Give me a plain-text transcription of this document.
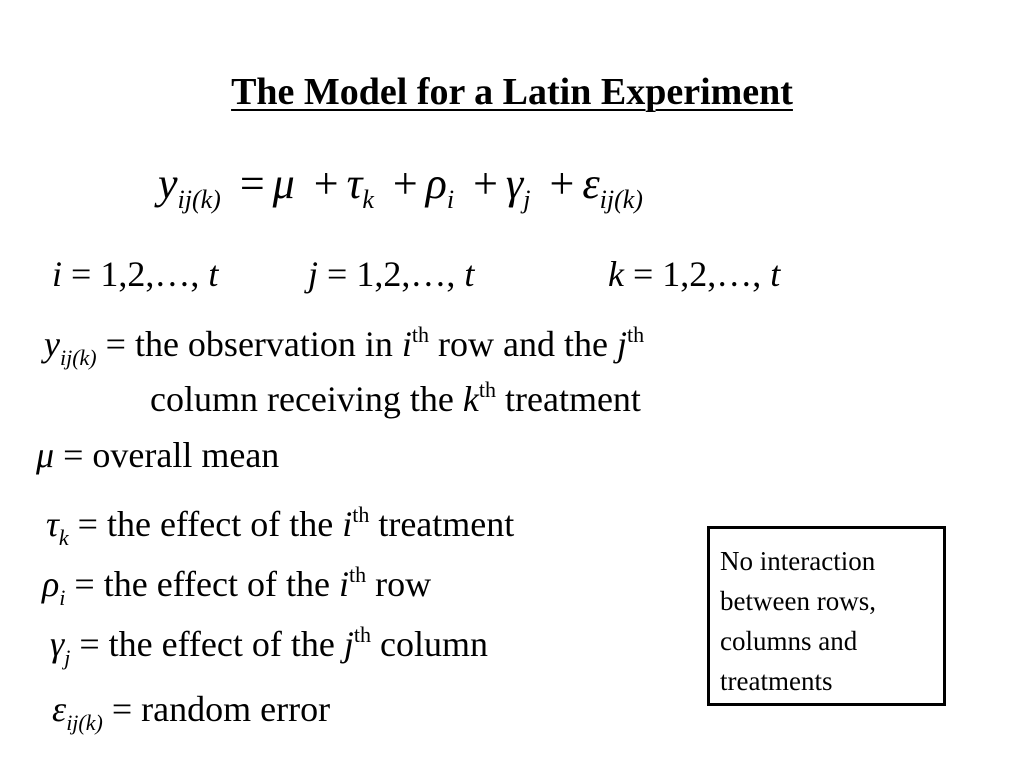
The Model for a Latin Experiment
$y_{ij(k)} = \mu + \tau_k + \rho_i + \gamma_j + \varepsilon_{ij(k)}$
i = 1,2,…, t j = 1,2,…, t	k = 1,2,…, t
$y_{ij(k)}$ = the observation in $i^{th}$ row and the $j^{th}$
column receiving the $k^{th}$ treatment
μ = overall mean
$\tau_k$ = the effect of the $i^{th}$ treatment
$\rho_i$ = the effect of the $i^{th}$ row
$\gamma_j$ = the effect of the $j^{th}$ column
$\varepsilon_{ij(k)}$ = random error
No interaction between rows, columns and treatments
